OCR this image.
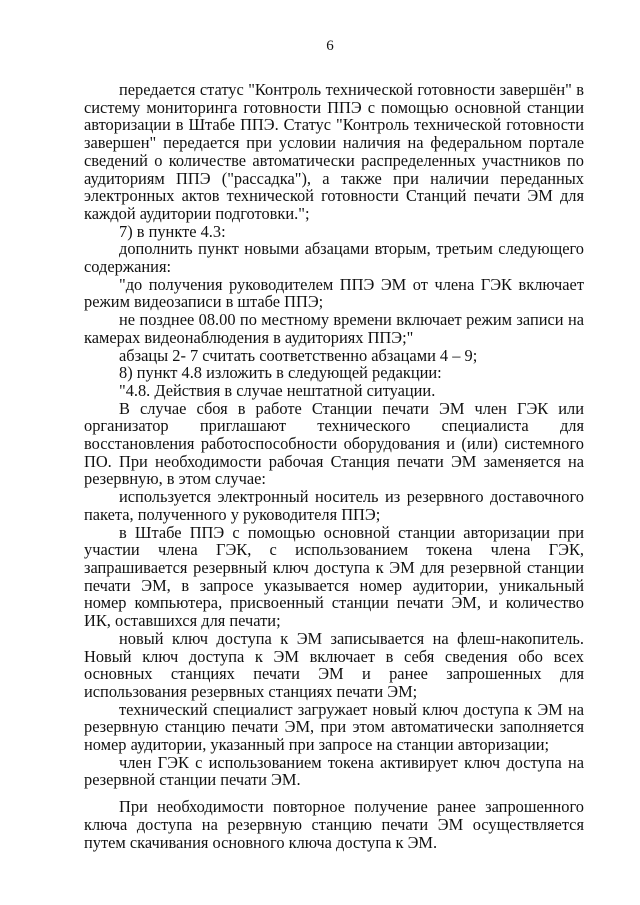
6

передается статус "Контроль технической готовности завершён" в систему мониторинга готовности ППЭ с помощью основной станции авторизации в Штабе ППЭ. Статус "Контроль технической готовности завершен" передается при условии наличия на федеральном портале сведений о количестве автоматически распределенных участников по аудиториям ППЭ ("рассадка"), а также при наличии переданных электронных актов технической готовности Станций печати ЭМ для каждой аудитории подготовки.";

7) в пункте 4.3:

дополнить пункт новыми абзацами вторым, третьим следующего содержания:

"до получения руководителем ППЭ ЭМ от члена ГЭК включает режим видеозаписи в штабе ППЭ;

не позднее 08.00 по местному времени включает режим записи на камерах видеонаблюдения в аудиториях ППЭ;"

абзацы 2- 7 считать соответственно абзацами 4 – 9;

8) пункт 4.8 изложить в следующей редакции:

"4.8. Действия в случае нештатной ситуации.

В случае сбоя в работе Станции печати ЭМ член ГЭК или организатор приглашают технического специалиста для восстановления работоспособности оборудования и (или) системного ПО. При необходимости рабочая Станция печати ЭМ заменяется на резервную, в этом случае:

используется электронный носитель из резервного доставочного пакета, полученного у руководителя ППЭ;

в Штабе ППЭ с помощью основной станции авторизации при участии члена ГЭК, с использованием токена члена ГЭК, запрашивается резервный ключ доступа к ЭМ для резервной станции печати ЭМ, в запросе указывается номер аудитории, уникальный номер компьютера, присвоенный станции печати ЭМ, и количество ИК, оставшихся для печати;

новый ключ доступа к ЭМ записывается на флеш-накопитель. Новый ключ доступа к ЭМ включает в себя сведения обо всех основных станциях печати ЭМ и ранее запрошенных для использования резервных станциях печати ЭМ;

технический специалист загружает новый ключ доступа к ЭМ на резервную станцию печати ЭМ, при этом автоматически заполняется номер аудитории, указанный при запросе на станции авторизации;

член ГЭК с использованием токена активирует ключ доступа на резервной станции печати ЭМ.

При необходимости повторное получение ранее запрошенного ключа доступа на резервную станцию печати ЭМ осуществляется путем скачивания основного ключа доступа к ЭМ.
